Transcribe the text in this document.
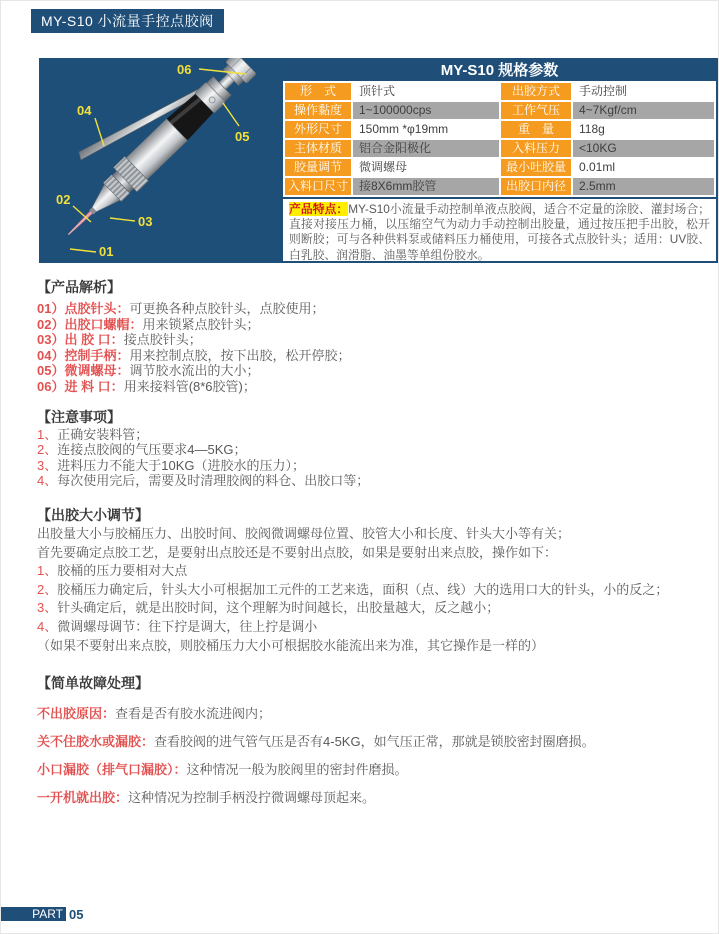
MY-S10 小流量手控点胶阀
06
05
04
02
03
01
MY-S10 规格参数
形　式	顶针式	出胶方式	手动控制
操作黏度	1~100000cps	工作气压	4~7Kgf/cm
外形尺寸	150mm *φ19mm	重　量	118g
主体材质	铝合金阳极化	入料压力	<10KG
胶量调节	微调螺母	最小吐胶量	0.01ml
入料口尺寸 接8X6mm胶管	出胶口内径	2.5mm
产品特点：MY-S10小流量手动控制单液点胶阀，适合不定量的涂胶、灌封场合；直接对接压力桶，以压缩空气为动力手动控制出胶量，通过按压把手出胶，松开则断胶；可与各种供料泵或储料压力桶使用，可接各式点胶针头；适用：UV胶、白乳胶、润滑脂、油墨等单组份胶水。
【产品解析】
01）点胶针头：可更换各种点胶针头，点胶使用；
02）出胶口螺帽：用来锁紧点胶针头；
03）出 胶 口：接点胶针头；
04）控制手柄：用来控制点胶，按下出胶，松开停胶；
05）微调螺母：调节胶水流出的大小；
06）进 料 口：用来接料管(8*6胶管)；
【注意事项】
1、正确安装料管；
2、连接点胶阀的气压要求4—5KG；
3、进料压力不能大于10KG（进胶水的压力）；
4、每次使用完后，需要及时清理胶阀的料仓、出胶口等；
【出胶大小调节】

出胶量大小与胶桶压力、出胶时间、胶阀微调螺母位置、胶管大小和长度、针头大小等有关；

首先要确定点胶工艺，是要射出点胶还是不要射出点胶，如果是要射出来点胶，操作如下：

1、胶桶的压力要相对大点
2、胶桶压力确定后，针头大小可根据加工元件的工艺来选，面积（点、线）大的选用口大的针头，小的反之；
3、针头确定后，就是出胶时间，这个理解为时间越长，出胶量越大，反之越小；
4、微调螺母调节：往下拧是调大，往上拧是调小

（如果不要射出来点胶，则胶桶压力大小可根据胶水能流出来为准，其它操作是一样的）

【简单故障处理】
不出胶原因：查看是否有胶水流进阀内；
关不住胶水或漏胶：查看胶阀的进气管气压是否有4-5KG，如气压正常，那就是锁胶密封圈磨损。
小口漏胶（排气口漏胶）：这种情况一般为胶阀里的密封件磨损。
一开机就出胶：这种情况为控制手柄没拧微调螺母顶起来。
PART 05
